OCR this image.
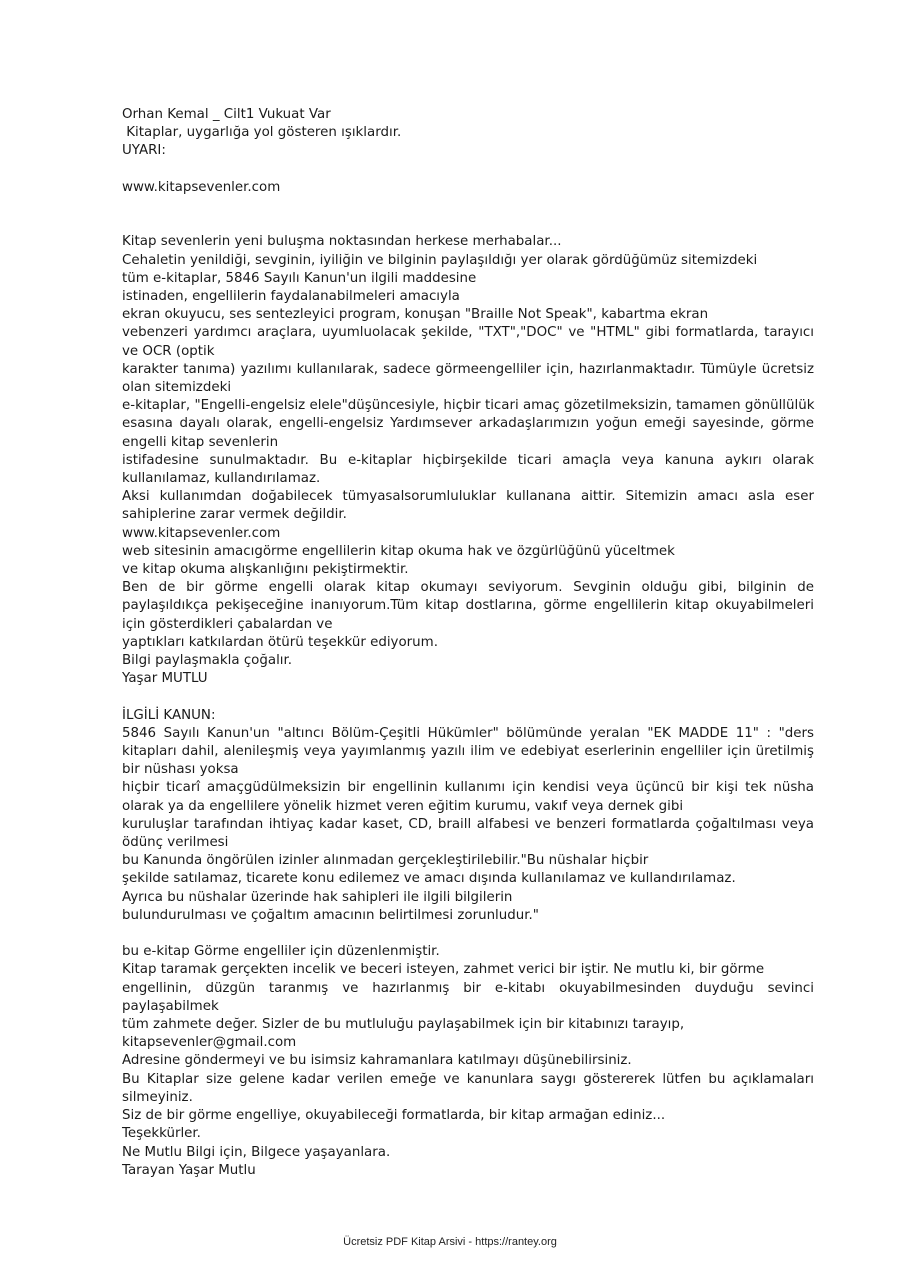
Orhan Kemal _ Cilt1 Vukuat Var
Kitaplar, uygarlığa yol gösteren ışıklardır.
UYARI:
www.kitapsevenler.com
Kitap sevenlerin yeni buluşma noktasından herkese merhabalar...
Cehaletin yenildiği, sevginin, iyiliğin ve bilginin paylaşıldığı yer olarak gördüğümüz sitemizdeki
tüm e-kitaplar, 5846 Sayılı Kanun'un ilgili maddesine
istinaden, engellilerin faydalanabilmeleri amacıyla
ekran okuyucu, ses sentezleyici program, konuşan "Braille Not Speak", kabartma ekran
vebenzeri yardımcı araçlara, uyumluolacak şekilde, "TXT","DOC" ve "HTML" gibi formatlarda, tarayıcı ve OCR (optik
karakter tanıma) yazılımı kullanılarak, sadece görmeengelliler için, hazırlanmaktadır. Tümüyle ücretsiz olan sitemizdeki
e-kitaplar, "Engelli-engelsiz elele"düşüncesiyle, hiçbir ticari amaç gözetilmeksizin, tamamen gönüllülük
esasına dayalı olarak, engelli-engelsiz Yardımsever arkadaşlarımızın yoğun emeği sayesinde, görme engelli kitap sevenlerin
istifadesine sunulmaktadır. Bu e-kitaplar hiçbirşekilde ticari amaçla veya kanuna aykırı olarak kullanılamaz, kullandırılamaz.
Aksi kullanımdan doğabilecek tümyasalsorumluluklar kullanana aittir. Sitemizin amacı asla eser sahiplerine zarar vermek değildir.
www.kitapsevenler.com
web sitesinin amacıgörme engellilerin kitap okuma hak ve özgürlüğünü yüceltmek
ve kitap okuma alışkanlığını pekiştirmektir.
Ben de bir görme engelli olarak kitap okumayı seviyorum. Sevginin olduğu gibi, bilginin de paylaşıldıkça pekişeceğine inanıyorum.Tüm kitap dostlarına, görme engellilerin kitap okuyabilmeleri için gösterdikleri çabalardan ve
yaptıkları katkılardan ötürü teşekkür ediyorum.
Bilgi paylaşmakla çoğalır.
Yaşar MUTLU
İLGİLİ KANUN:
5846 Sayılı Kanun'un "altıncı Bölüm-Çeşitli Hükümler" bölümünde yeralan "EK MADDE 11" : "ders kitapları dahil, alenileşmiş veya yayımlanmış yazılı ilim ve edebiyat eserlerinin engelliler için üretilmiş bir nüshası yoksa
hiçbir ticarî amaçgüdülmeksizin bir engellinin kullanımı için kendisi veya üçüncü bir kişi tek nüsha olarak ya da engellilere yönelik hizmet veren eğitim kurumu, vakıf veya dernek gibi
kuruluşlar tarafından ihtiyaç kadar kaset, CD, braill alfabesi ve benzeri formatlarda çoğaltılması veya ödünç verilmesi
bu Kanunda öngörülen izinler alınmadan gerçekleştirilebilir."Bu nüshalar hiçbir
şekilde satılamaz, ticarete konu edilemez ve amacı dışında kullanılamaz ve kullandırılamaz.
Ayrıca bu nüshalar üzerinde hak sahipleri ile ilgili bilgilerin
bulundurulması ve çoğaltım amacının belirtilmesi zorunludur."
bu e-kitap Görme engelliler için düzenlenmiştir.
Kitap taramak gerçekten incelik ve beceri isteyen, zahmet verici bir iştir. Ne mutlu ki, bir görme
engellinin, düzgün taranmış ve hazırlanmış bir e-kitabı okuyabilmesinden duyduğu sevinci paylaşabilmek
tüm zahmete değer. Sizler de bu mutluluğu paylaşabilmek için bir kitabınızı tarayıp,
kitapsevenler@gmail.com
Adresine göndermeyi ve bu isimsiz kahramanlara katılmayı düşünebilirsiniz.
Bu Kitaplar size gelene kadar verilen emeğe ve kanunlara saygı göstererek lütfen bu açıklamaları silmeyiniz.
Siz de bir görme engelliye, okuyabileceği formatlarda, bir kitap armağan ediniz...
Teşekkürler.
Ne Mutlu Bilgi için, Bilgece yaşayanlara.
Tarayan Yaşar Mutlu
Ücretsiz PDF Kitap Arsivi - https://rantey.org
